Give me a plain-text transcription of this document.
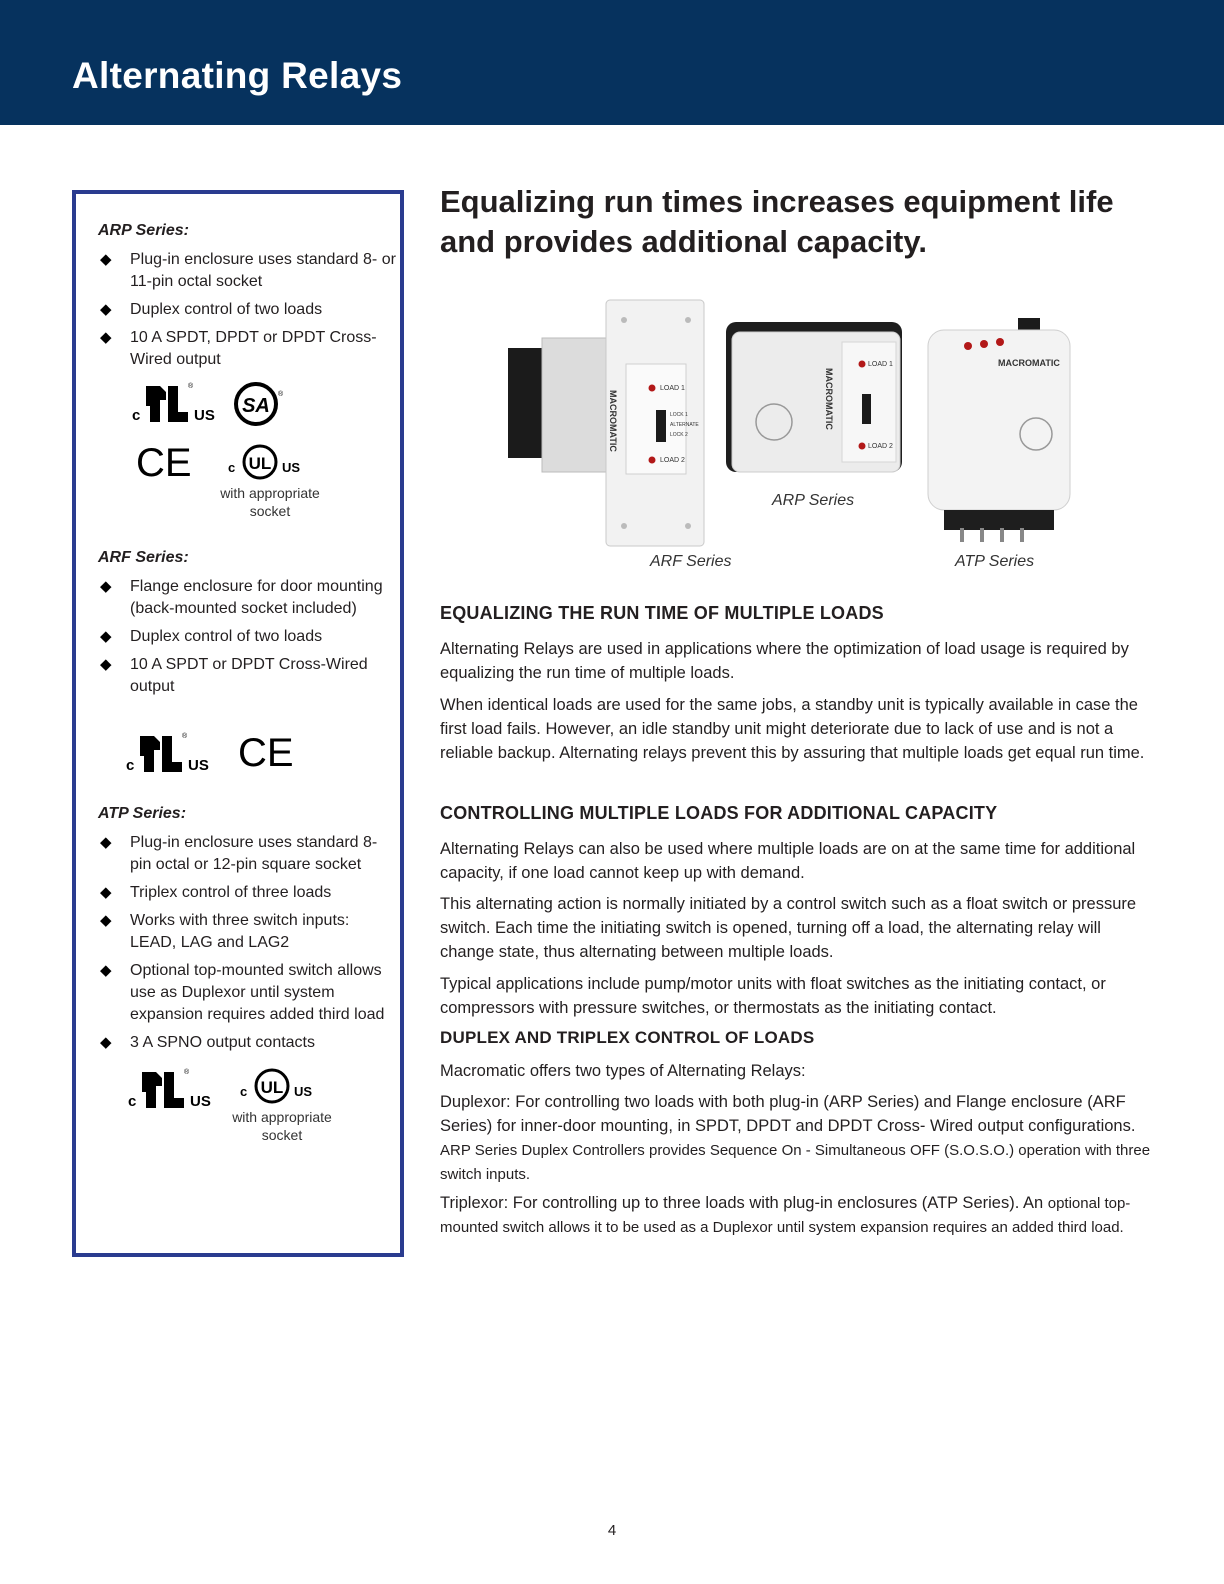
Alternating Relays

ARP Series:

◆ Plug-in enclosure uses standard 8- or 11-pin octal socket
◆ Duplex control of two loads
◆ 10 A SPDT, DPDT or DPDT Cross-Wired output
c	US
®
SA
®
CE	c UL US
with appropriate socket

ARF Series:

◆ Flange enclosure for door mounting (back-mounted socket included)
◆ Duplex control of two loads
◆ 10 A SPDT or DPDT Cross-Wired output
c	US
® CE

ATP Series:

◆ Plug-in enclosure uses standard 8-pin octal or 12-pin square socket
◆ Triplex control of three loads
◆ Works with three switch inputs: LEAD, LAG and LAG2
◆ Optional top-mounted switch allows use as Duplexor until system expansion requires added third load
◆ 3 A SPNO output contacts
c	US
®
c UL US
with appropriate socket
Equalizing run times increases equipment life and provides additional capacity.
LOAD 1
LOAD 2
LOCK 1
ALTERNATE
LOCK 2
MACROMATIC
LOAD 1
LOAD 2
MACROMATIC
MACROMATIC
ARF Series
ARP Series
ATP Series
EQUALIZING THE RUN TIME OF MULTIPLE LOADS

Alternating Relays are used in applications where the optimization of load usage is required by equalizing the run time of multiple loads.

When identical loads are used for the same jobs, a standby unit is typically available in case the first load fails. However, an idle standby unit might deteriorate due to lack of use and is not a reliable backup. Alternating relays prevent this by assuring that multiple loads get equal run time.

CONTROLLING MULTIPLE LOADS FOR ADDITIONAL CAPACITY

Alternating Relays can also be used where multiple loads are on at the same time for additional capacity, if one load cannot keep up with demand.

This alternating action is normally initiated by a control switch such as a float switch or pressure switch. Each time the initiating switch is opened, turning off a load, the alternating relay will change state, thus alternating between multiple loads.

Typical applications include pump/motor units with float switches as the initiating contact, or compressors with pressure switches, or thermostats as the initiating contact.

DUPLEX AND TRIPLEX CONTROL OF LOADS

Macromatic offers two types of Alternating Relays:

Duplexor: For controlling two loads with both plug-in (ARP Series) and Flange enclosure (ARF Series) for inner-door mounting, in SPDT, DPDT and DPDT Cross- Wired output configurations. ARP Series Duplex Controllers provides Sequence On - Simultaneous OFF (S.O.S.O.) operation with three switch inputs.

Triplexor: For controlling up to three loads with plug-in enclosures (ATP Series). An optional top-mounted switch allows it to be used as a Duplexor until system expansion requires an added third load.

4
